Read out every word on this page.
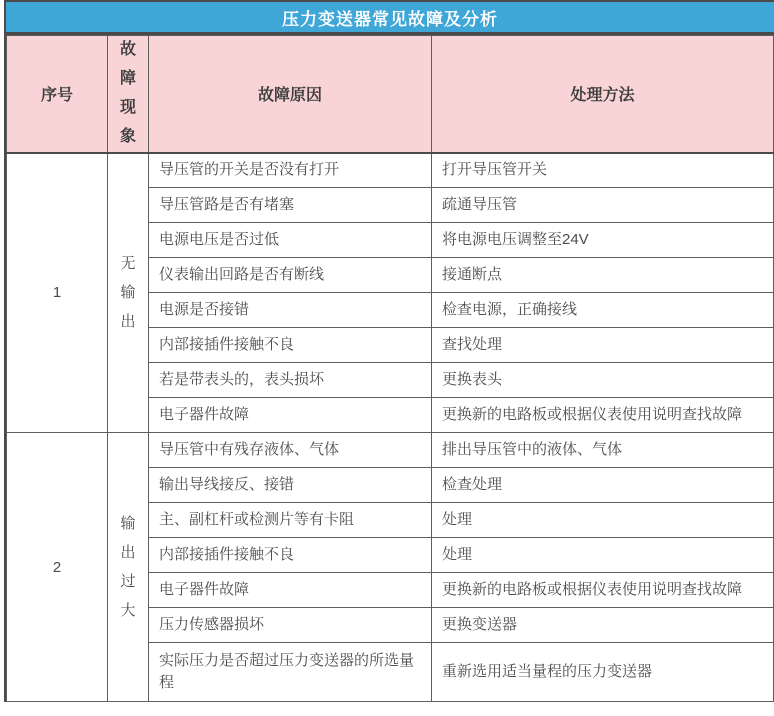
压力变送器常见故障及分析
序号	故障现象	故障原因	处理方法
1	无输出	导压管的开关是否没有打开	打开导压管开关
		导压管路是否有堵塞	疏通导压管
		电源电压是否过低	将电源电压调整至24V
		仪表输出回路是否有断线	接通断点
		电源是否接错	检查电源，正确接线
		内部接插件接触不良	查找处理
		若是带表头的，表头损坏	更换表头
		电子器件故障	更换新的电路板或根据仪表使用说明查找故障
2	输出过大	导压管中有残存液体、气体	排出导压管中的液体、气体
		输出导线接反、接错	检查处理
		主、副杠杆或检测片等有卡阻	处理
		内部接插件接触不良	处理
		电子器件故障	更换新的电路板或根据仪表使用说明查找故障
		压力传感器损坏	更换变送器
		实际压力是否超过压力变送器的所选量程	重新选用适当量程的压力变送器
